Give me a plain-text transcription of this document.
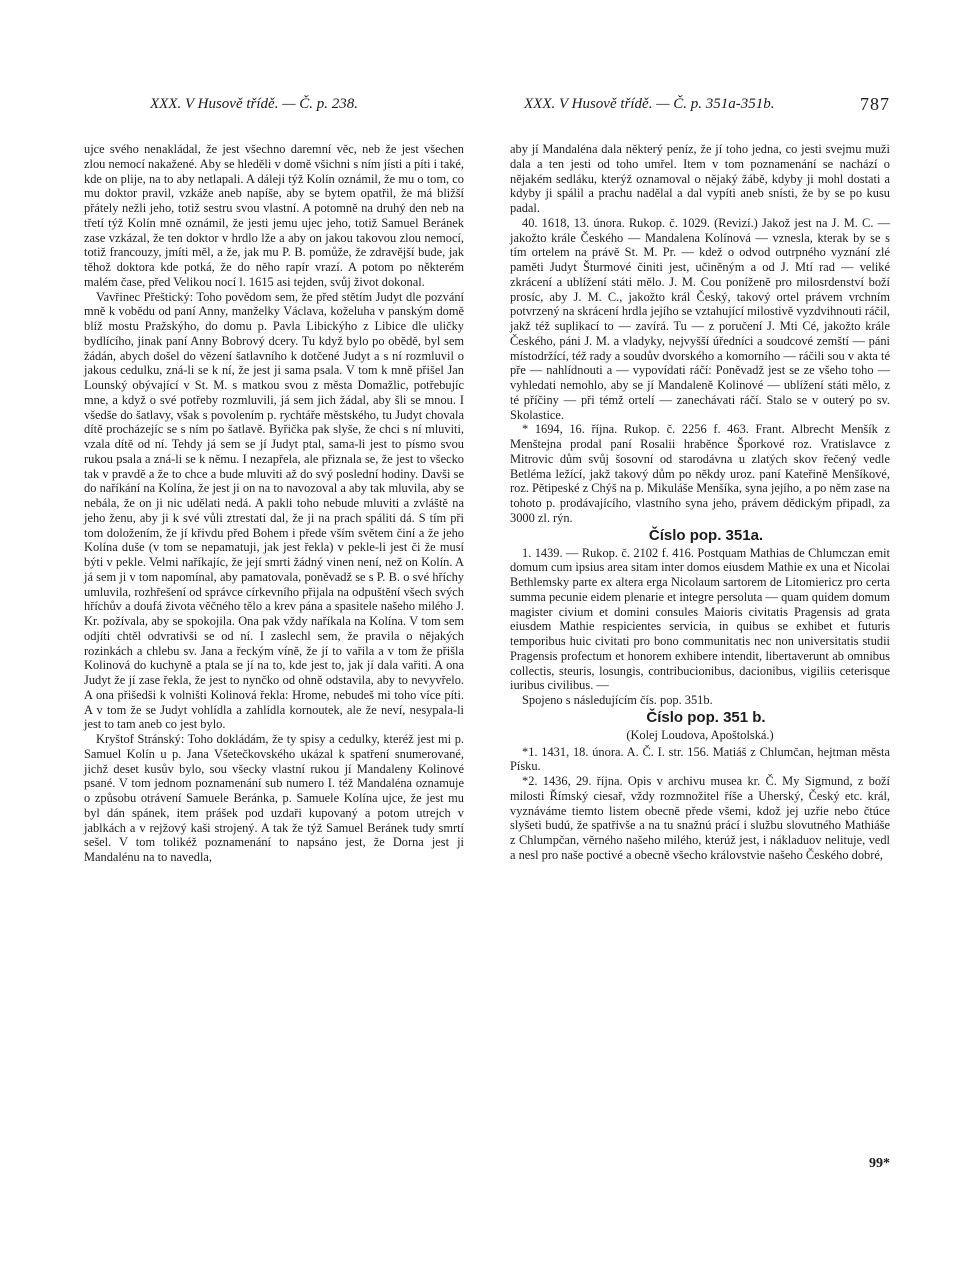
XXX. V Husově třídě. — Č. p. 238.	XXX. V Husově třídě. — Č. p. 351a-351b.	787

ujce svého nenakládal, že jest všechno daremní věc, neb že jest všechen zlou nemocí nakažené. Aby se hleděli v domě všichni s ním jísti a píti i také, kde on plije, na to aby netlapali. A dáleji týž Kolín oznámil, že mu o tom, co mu doktor pravil, vzkáže aneb napíše, aby se bytem opatřil, že má bližší přátely nežli jeho, totiž sestru svou vlastní. A potomně na druhý den neb na třetí týž Kolín mně oznámil, že jesti jemu ujec jeho, totiž Samuel Beránek zase vzkázal, že ten doktor v hrdlo lže a aby on jakou takovou zlou nemocí, totiž francouzy, jmíti měl, a že, jak mu P. B. pomůže, že zdravější bude, jak těhož doktora kde potká, že do něho rapír vrazí. A potom po některém malém čase, před Velikou nocí l. 1615 asi tejden, svůj život dokonal.

Vavřinec Přeštický: Toho povědom sem, že před stětím Judyt dle pozvání mně k vobědu od paní Anny, manželky Václava, koželuha v panským domě blíž mostu Pražskýho, do domu p. Pavla Libickýho z Libice dle uličky bydlícího, jinak paní Anny Bobrový dcery. Tu když bylo po obědě, byl sem žádán, abych došel do vězení šatlavního k dotčené Judyt a s ní rozmluvil o jakous cedulku, zná-li se k ní, že jest ji sama psala. V tom k mně přišel Jan Lounský obývající v St. M. s matkou svou z města Domažlic, potřebujíc mne, a když o své potřeby rozmluvili, já sem jich žádal, aby šli se mnou. I všedše do šatlavy, však s povolením p. rychtáře městského, tu Judyt chovala dítě procházejíc se s ním po šatlavě. Byřička pak slyše, že chci s ní mluviti, vzala dítě od ní. Tehdy já sem se jí Judyt ptal, sama-li jest to písmo svou rukou psala a zná-li se k němu. I nezapřela, ale přiznala se, že jest to všecko tak v pravdě a že to chce a bude mluviti až do svý poslední hodiny. Davši se do naříkání na Kolína, že jest ji on na to navozoval a aby tak mluvila, aby se nebála, že on ji nic udělati nedá. A pakli toho nebude mluviti a zvláště na jeho ženu, aby ji k své vůli ztrestati dal, že ji na prach spáliti dá. S tím při tom doložením, že jí křivdu před Bohem i přede vším světem činí a že jeho Kolína duše (v tom se nepamatuji, jak jest řekla) v pekle-li jest či že musí býti v pekle. Velmi naříkajíc, že její smrti žádný vinen není, než on Kolín. A já sem ji v tom napomínal, aby pamatovala, poněvadž se s P. B. o své hříchy umluvila, rozhřešení od správce církevního přijala na odpuštění všech svých hříchův a doufá života věčného tělo a krev pána a spasitele našeho milého J. Kr. požívala, aby se spokojila. Ona pak vždy naříkala na Kolína. V tom sem odjíti chtěl odvrativši se od ní. I zaslechl sem, že pravila o nějakých rozinkách a chlebu sv. Jana a řeckým víně, že jí to vařila a v tom že přišla Kolinová do kuchyně a ptala se jí na to, kde jest to, jak jí dala vařiti. A ona Judyt že jí zase řekla, že jest to nynčko od ohně odstavila, aby to nevyvřelo. A ona přišedši k volništi Kolinová řekla: Hrome, nebudeš mi toho více píti. A v tom že se Judyt vohlídla a zahlídla kornoutek, ale že neví, nesypala-li jest to tam aneb co jest bylo.

Kryštof Stránský: Toho dokládám, že ty spisy a cedulky, kteréž jest mi p. Samuel Kolín u p. Jana Všetečkovského ukázal k spatření snumerované, jichž deset kusův bylo, sou všecky vlastní rukou jí Mandaleny Kolinové psané. V tom jednom poznamenání sub numero I. též Mandaléna oznamuje o způsobu otrávení Samuele Beránka, p. Samuele Kolína ujce, že jest mu byl dán spánek, item prášek pod uzdaři kupovaný a potom utrejch v jablkách a v rejžový kaši strojený. A tak že týž Samuel Beránek tudy smrtí sešel. V tom tolikéž poznamenání to napsáno jest, že Dorna jest ji Mandalénu na to navedla,

aby jí Mandaléna dala některý peníz, že jí toho jedna, co jesti svejmu muži dala a ten jesti od toho umřel. Item v tom poznamenání se nachází o nějakém sedláku, kterýž oznamoval o nějaký žábě, kdyby ji mohl dostati a kdyby ji spálil a prachu nadělal a dal vypíti aneb snísti, že by se po kusu padal.

40. 1618, 13. února. Rukop. č. 1029. (Revizí.) Jakož jest na J. M. C. — jakožto krále Českého — Mandalena Kolínová — vznesla, kterak by se s tím ortelem na právě St. M. Pr. — kdež o odvod outrpného vyznání zlé paměti Judyt Šturmové činiti jest, učiněným a od J. Mtí rad — veliké zkrácení a ublížení státi mělo. J. M. Cou poníženě pro milosrdenství boží prosíc, aby J. M. C., jakožto král Český, takový ortel právem vrchním potvrzený na skrácení hrdla jejího se vztahující milostivě vyzdvihnouti ráčil, jakž též suplikací to — zavírá. Tu — z poručení J. Mti Cé, jakožto krále Českého, páni J. M. a vladyky, nejvyšší úředníci a soudcové zemští — páni místodržící, též rady a soudův dvorského a komorního — ráčili sou v akta té pře — nahlídnouti a — vypovídati ráčí: Poněvadž jest se ze všeho toho — vyhledati nemohlo, aby se jí Mandaleně Kolinové — ublížení státi mělo, z té příčiny — při témž ortelí — zanechávati ráčí. Stalo se v outerý po sv. Skolastice.

* 1694, 16. října. Rukop. č. 2256 f. 463. Frant. Albrecht Menšík z Menštejna prodal paní Rosalii hraběnce Šporkové roz. Vratislavce z Mitrovic dům svůj šosovní od starodávna u zlatých skov řečený vedle Betléma ležící, jakž takový dům po někdy uroz. paní Kateřině Menšíkové, roz. Pětipeské z Chýš na p. Mikuláše Menšíka, syna jejího, a po něm zase na tohoto p. prodávajícího, vlastního syna jeho, právem dědickým připadl, za 3000 zl. rýn.

Číslo pop. 351a.

1. 1439. — Rukop. č. 2102 f. 416. Postquam Mathias de Chlumczan emit domum cum ipsius area sitam inter domos eiusdem Mathie ex una et Nicolai Bethlemsky parte ex altera erga Nicolaum sartorem de Litomiericz pro certa summa pecunie eidem plenarie et integre persoluta — quam quidem domum magister civium et domini consules Maioris civitatis Pragensis ad grata eiusdem Mathie respicientes servicia, in quibus se exhibet et futuris temporibus huic civitati pro bono communitatis nec non universitatis studii Pragensis profectum et honorem exhibere intendit, libertaverunt ab omnibus collectis, steuris, losungis, contribucionibus, dacionibus, vigiliis ceterisque iuribus civilibus. —

Spojeno s následujícím čís. pop. 351b.

Číslo pop. 351 b.

(Kolej Loudova, Apoštolská.)

*1. 1431, 18. února. A. Č. I. str. 156. Matiáš z Chlumčan, hejtman města Písku.

*2. 1436, 29. října. Opis v archivu musea kr. Č. My Sigmund, z boží milosti Římský ciesař, vždy rozmnožitel říše a Uherský, Český etc. král, vyznáváme tiemto listem obecně přede všemi, kdož jej uzřie nebo čtúce slyšeti budú, že spatřivše a na tu snažnú prácí i službu slovutného Mathiáše z Chlumpčan, věrného našeho milého, kterúž jest, i nákladuov nelituje, vedl a nesl pro naše poctivé a obecně všecho královstvie našeho Českého dobré,

99*
